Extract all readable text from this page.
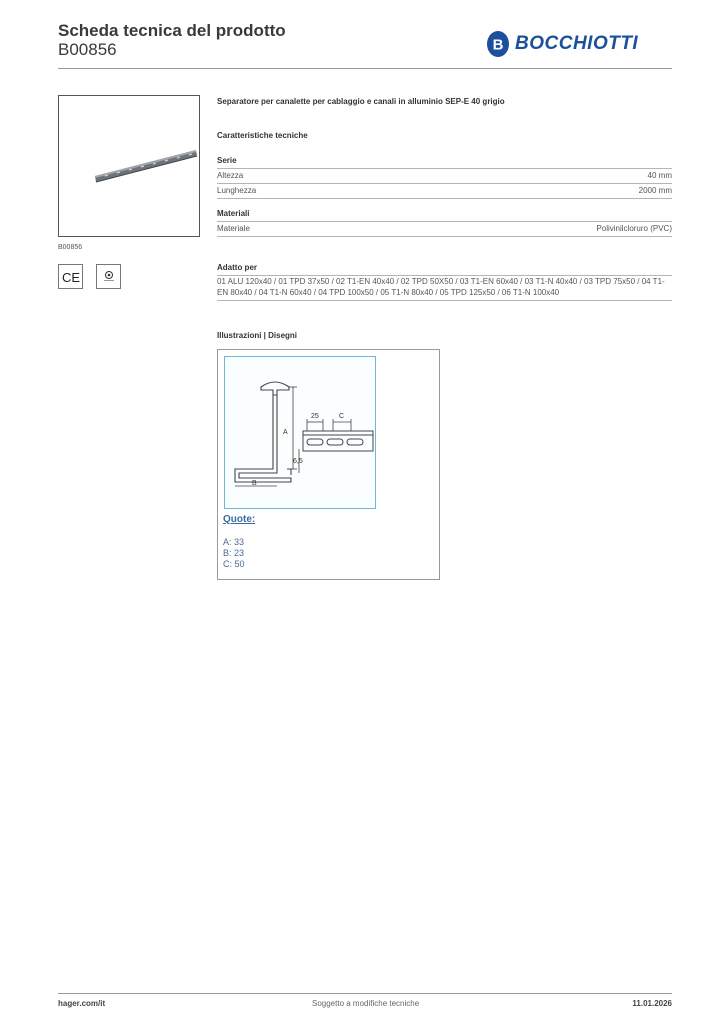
Scheda tecnica del prodotto
B00856	B BOCCHIOTTI
B00856
CE
Separatore per canalette per cablaggio e canali in alluminio SEP-E 40 grigio
Caratteristiche tecniche
Serie
Altezza	40 mm
Lunghezza	2000 mm
Materiali
Materiale	Polivinilcloruro (PVC)
Adatto per
01 ALU 120x40 / 01 TPD 37x50 / 02 T1-EN 40x40 / 02 TPD 50X50 / 03 T1-EN 60x40 / 03 T1-N 40x40 / 03 TPD 75x50 / 04 T1-EN 80x40 / 04 T1-N 60x40 / 04 TPD 100x50 / 05 T1-N 80x40 / 05 TPD 125x50 / 06 T1-N 100x40
Illustrazioni | Disegni
A
B
6,5
25	C
Quote:
A: 33
B: 23
C: 50
hager.com/it	Soggetto a modifiche tecniche	11.01.2026
